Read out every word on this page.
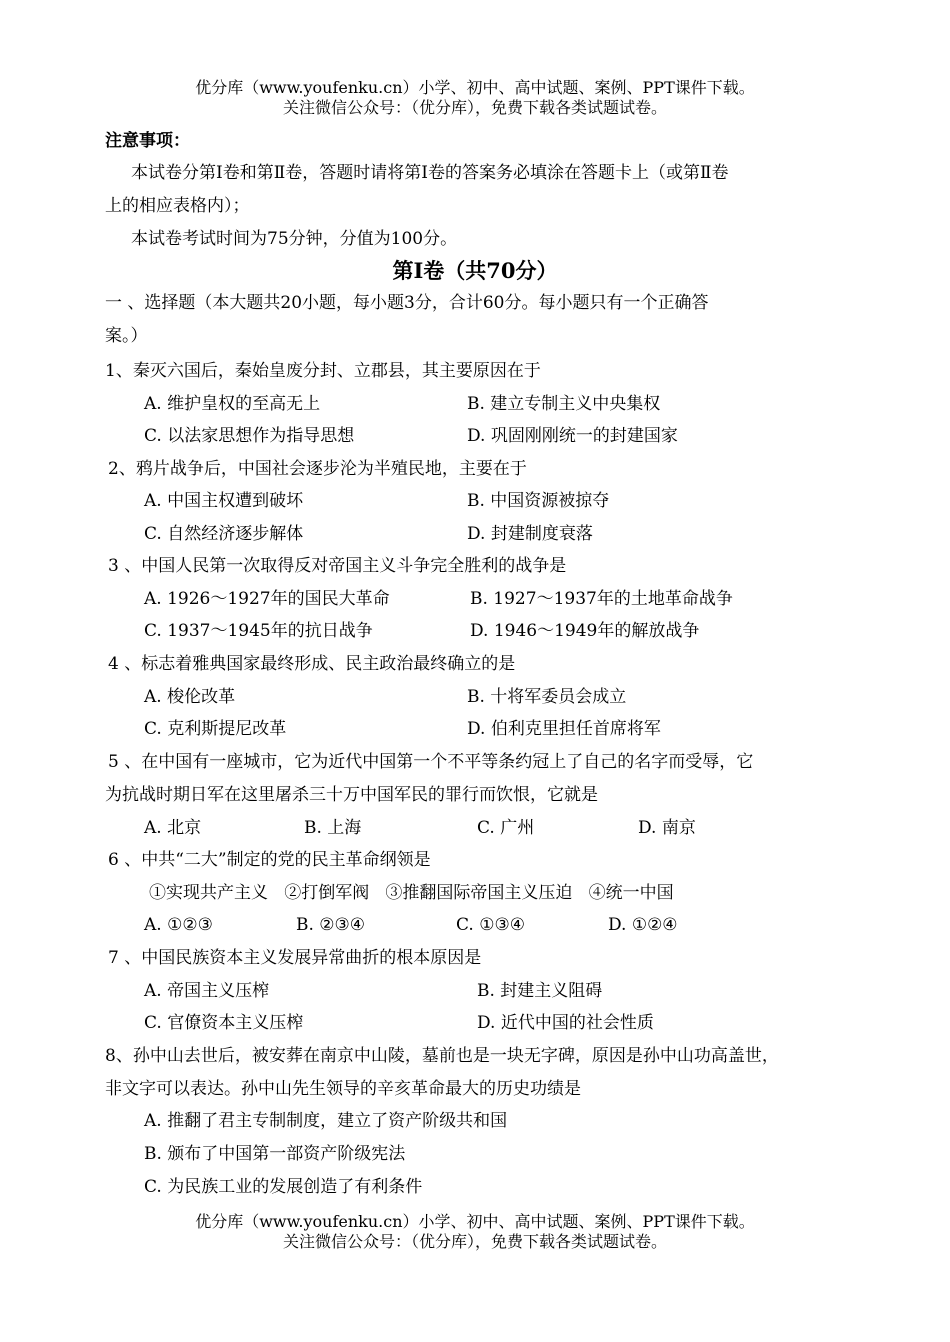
优分库（www.youfenku.cn）小学、初中、高中试题、案例、PPT课件下载。
关注微信公众号：（优分库），免费下载各类试题试卷。
注意事项：
本试卷分第Ⅰ卷和第Ⅱ卷，答题时请将第Ⅰ卷的答案务必填涂在答题卡上（或第Ⅱ卷
上的相应表格内）；
本试卷考试时间为75分钟，分值为100分。
第Ⅰ卷（共70分）
一 、选择题（本大题共20小题，每小题3分，合计60分。每小题只有一个正确答
案。）
1、秦灭六国后，秦始皇废分封、立郡县，其主要原因在于
A. 维护皇权的至高无上	B. 建立专制主义中央集权
C. 以法家思想作为指导思想	D. 巩固刚刚统一的封建国家
2、鸦片战争后，中国社会逐步沦为半殖民地，主要在于
A. 中国主权遭到破坏	B. 中国资源被掠夺
C. 自然经济逐步解体	D. 封建制度衰落
3 、中国人民第一次取得反对帝国主义斗争完全胜利的战争是
A. 1926～1927年的国民大革命	B. 1927～1937年的土地革命战争
C. 1937～1945年的抗日战争	D. 1946～1949年的解放战争
4 、标志着雅典国家最终形成、民主政治最终确立的是
A. 梭伦改革	B. 十将军委员会成立
C. 克利斯提尼改革	D. 伯利克里担任首席将军
5 、在中国有一座城市，它为近代中国第一个不平等条约冠上了自己的名字而受辱，它
为抗战时期日军在这里屠杀三十万中国军民的罪行而饮恨，它就是
A. 北京	B. 上海	C. 广州	D. 南京
6 、中共“二大”制定的党的民主革命纲领是
①实现共产主义   ②打倒军阀   ③推翻国际帝国主义压迫   ④统一中国
A. ①②③	B. ②③④	C. ①③④	D. ①②④
7 、中国民族资本主义发展异常曲折的根本原因是
A. 帝国主义压榨	B. 封建主义阻碍
C. 官僚资本主义压榨	D. 近代中国的社会性质
8、孙中山去世后，被安葬在南京中山陵，墓前也是一块无字碑，原因是孙中山功高盖世，
非文字可以表达。孙中山先生领导的辛亥革命最大的历史功绩是
A. 推翻了君主专制制度，建立了资产阶级共和国
B. 颁布了中国第一部资产阶级宪法
C. 为民族工业的发展创造了有利条件
优分库（www.youfenku.cn）小学、初中、高中试题、案例、PPT课件下载。
关注微信公众号：（优分库），免费下载各类试题试卷。
